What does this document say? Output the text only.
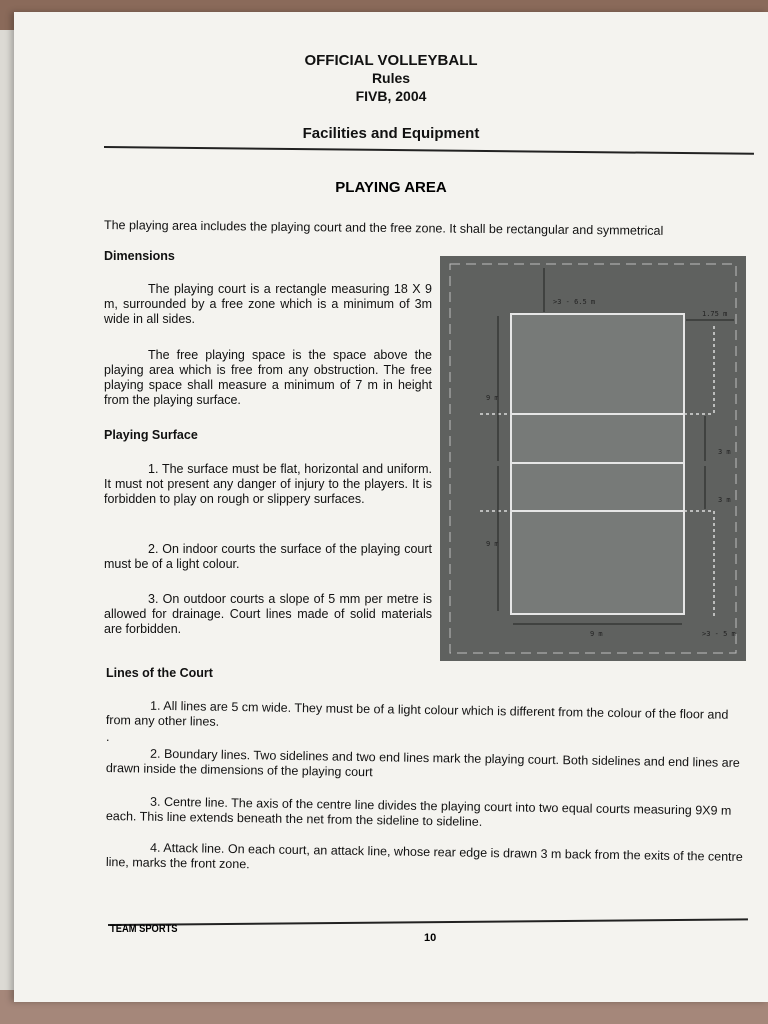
OFFICIAL VOLLEYBALL
Rules
FIVB, 2004
Facilities and Equipment
PLAYING AREA
The playing area includes the playing court and the free zone. It shall be rectangular and symmetrical
Dimensions
The playing court is a rectangle measuring 18 X 9 m, surrounded by a free zone which is a minimum of 3m wide in all sides.
The free playing space is the space above the playing area which is free from any obstruction. The free playing space shall measure a minimum of 7 m in height from the playing surface.
Playing Surface
1. The surface must be flat, horizontal and uniform. It must not present any danger of injury to the players. It is forbidden to play on rough or slippery surfaces.
2. On indoor courts the surface of the playing court must be of a light colour.
3. On outdoor courts a slope of 5 mm per metre is allowed for drainage. Court lines made of solid materials are forbidden.
>3 - 6.5 m
1.75 m
9 m
9 m
3 m
3 m
9 m	>3 - 5 m
Lines of the Court
1. All lines are 5 cm wide. They must be of a light colour which is different from the colour of the floor and from any other lines.
.
2. Boundary lines. Two sidelines and two end lines mark the playing court. Both sidelines and end lines are drawn inside the dimensions of the playing court
3. Centre line. The axis of the centre line divides the playing court into two equal courts measuring 9X9 m each. This line extends beneath the net from the sideline to sideline.
4. Attack line. On each court, an attack line, whose rear edge is drawn 3 m back from the exits of the centre line, marks the front zone.
TEAM SPORTS
10
